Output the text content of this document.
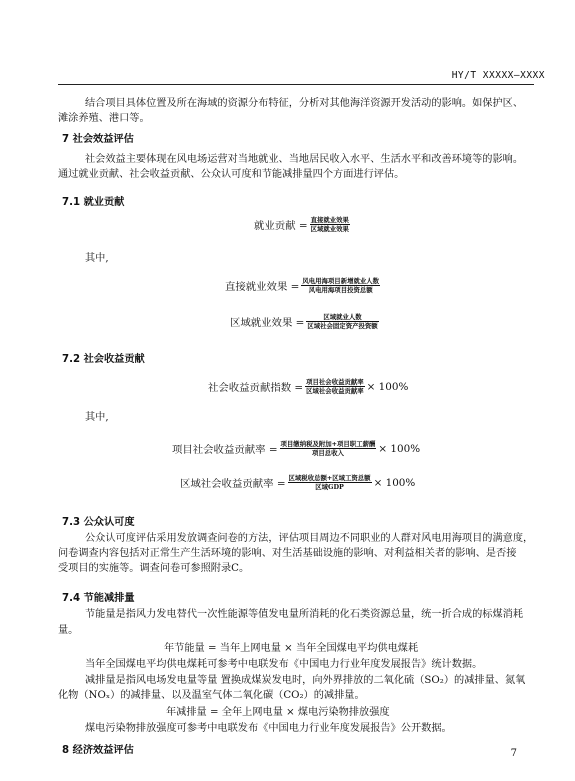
HY/T XXXXX—XXXX
结合项目具体位置及所在海域的资源分布特征，分析对其他海洋资源开发活动的影响。如保护区、
滩涂养殖、港口等。
7 社会效益评估
社会效益主要体现在风电场运营对当地就业、当地居民收入水平、生活水平和改善环境等的影响。
通过就业贡献、社会收益贡献、公众认可度和节能减排量四个方面进行评估。
7.1 就业贡献
就业贡献 = $\frac{\text{直接就业效果}}{\text{区域就业效果}}$
其中,
直接就业效果 = $\frac{\text{风电用海项目新增就业人数}}{\text{风电用海项目投资总额}}$
区域就业效果 = $\frac{\text{区域就业人数}}{\text{区域社会固定资产投资额}}$
7.2 社会收益贡献
社会收益贡献指数 = $\frac{\text{项目社会收益贡献率}}{\text{区域社会收益贡献率}} \times 100\%$
其中,
项目社会收益贡献率 = $\frac{\text{项目缴纳税及附加+项目职工薪酬}}{\text{项目总收入}} \times 100\%$
区域社会收益贡献率 = $\frac{\text{区域税收总额+区域工资总额}}{\text{区域GDP}} \times 100\%$
7.3 公众认可度
公众认可度评估采用发放调查问卷的方法，评估项目周边不同职业的人群对风电用海项目的满意度，
问卷调查内容包括对正常生产生活环境的影响、对生活基础设施的影响、对利益相关者的影响、是否接
受项目的实施等。调查问卷可参照附录C。
7.4 节能减排量
节能量是指风力发电替代一次性能源等值发电量所消耗的化石类资源总量，统一折合成的标煤消耗
量。
年节能量 = 当年上网电量 × 当年全国煤电平均供电煤耗
当年全国煤电平均供电煤耗可参考中电联发布《中国电力行业年度发展报告》统计数据。
减排量是指风电场发电量等量 置换成煤炭发电时，向外界排放的二氧化硫（SO₂）的减排量、氮氧
化物（NOₓ）的减排量、以及温室气体二氧化碳（CO₂）的减排量。
年减排量 = 全年上网电量 × 煤电污染物排放强度
煤电污染物排放强度可参考中电联发布《中国电力行业年度发展报告》公开数据。
8 经济效益评估	7
